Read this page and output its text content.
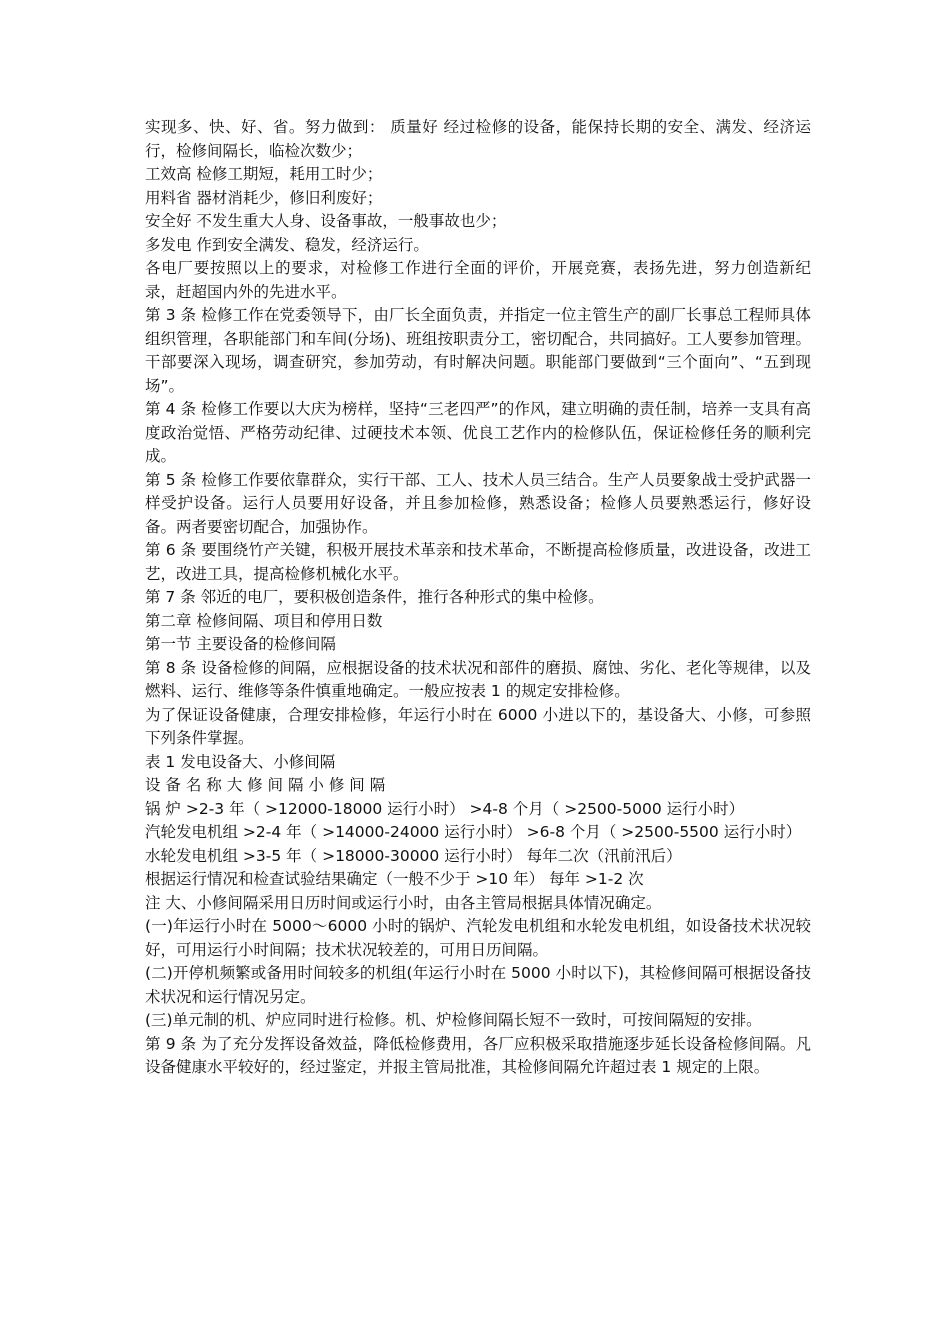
实现多、快、好、省。努力做到： 质量好 经过检修的设备，能保持长期的安全、满发、经济运行，检修间隔长，临检次数少；

工效高 检修工期短，耗用工时少；

用料省 器材消耗少，修旧利废好；

安全好 不发生重大人身、设备事故，一般事故也少；

多发电 作到安全满发、稳发，经济运行。

各电厂要按照以上的要求，对检修工作进行全面的评价，开展竞赛，表扬先进，努力创造新纪录，赶超国内外的先进水平。

第 3 条 检修工作在党委领导下，由厂长全面负责，并指定一位主管生产的副厂长事总工程师具体组织管理，各职能部门和车间(分场)、班组按职责分工，密切配合，共同搞好。工人要参加管理。干部要深入现场，调查研究，参加劳动，有时解决问题。职能部门要做到“三个面向”、“五到现场”。

第 4 条 检修工作要以大庆为榜样，坚持“三老四严”的作风，建立明确的责任制，培养一支具有高度政治觉悟、严格劳动纪律、过硬技术本领、优良工艺作内的检修队伍，保证检修任务的顺利完成。

第 5 条 检修工作要依靠群众，实行干部、工人、技术人员三结合。生产人员要象战士受护武器一样受护设备。运行人员要用好设备，并且参加检修，熟悉设备；检修人员要熟悉运行，修好设备。两者要密切配合，加强协作。

第 6 条 要围绕竹产关键，积极开展技术革亲和技术革命，不断提高检修质量，改进设备，改进工艺，改进工具，提高检修机械化水平。

第 7 条 邻近的电厂，要积极创造条件，推行各种形式的集中检修。

第二章 检修间隔、项目和停用日数

第一节 主要设备的检修间隔

第 8 条 设备检修的间隔，应根据设备的技术状况和部件的磨损、腐蚀、劣化、老化等规律，以及燃料、运行、维修等条件慎重地确定。一般应按表 1 的规定安排检修。

为了保证设备健康，合理安排检修，年运行小时在 6000 小进以下的，基设备大、小修，可参照下列条件掌握。

表 1 发电设备大、小修间隔

设 备 名 称 大 修 间 隔 小 修 间 隔

锅 炉 >2-3 年（ >12000-18000 运行小时） >4-8 个月（ >2500-5000 运行小时）

汽轮发电机组 >2-4 年（ >14000-24000 运行小时） >6-8 个月（ >2500-5500 运行小时）

水轮发电机组 >3-5 年（ >18000-30000 运行小时） 每年二次（汛前汛后）

根据运行情况和检查试验结果确定（一般不少于 >10 年） 每年 >1-2 次

注 大、小修间隔采用日历时间或运行小时，由各主管局根据具体情况确定。

(一)年运行小时在 5000～6000 小时的锅炉、汽轮发电机组和水轮发电机组，如设备技术状况较好，可用运行小时间隔；技术状况较差的，可用日历间隔。

(二)开停机频繁或备用时间较多的机组(年运行小时在 5000 小时以下)，其检修间隔可根据设备技术状况和运行情况另定。

(三)单元制的机、炉应同时进行检修。机、炉检修间隔长短不一致时，可按间隔短的安排。

第 9 条 为了充分发挥设备效益，降低检修费用，各厂应积极采取措施逐步延长设备检修间隔。凡设备健康水平较好的，经过鉴定，并报主管局批准，其检修间隔允许超过表 1 规定的上限。
